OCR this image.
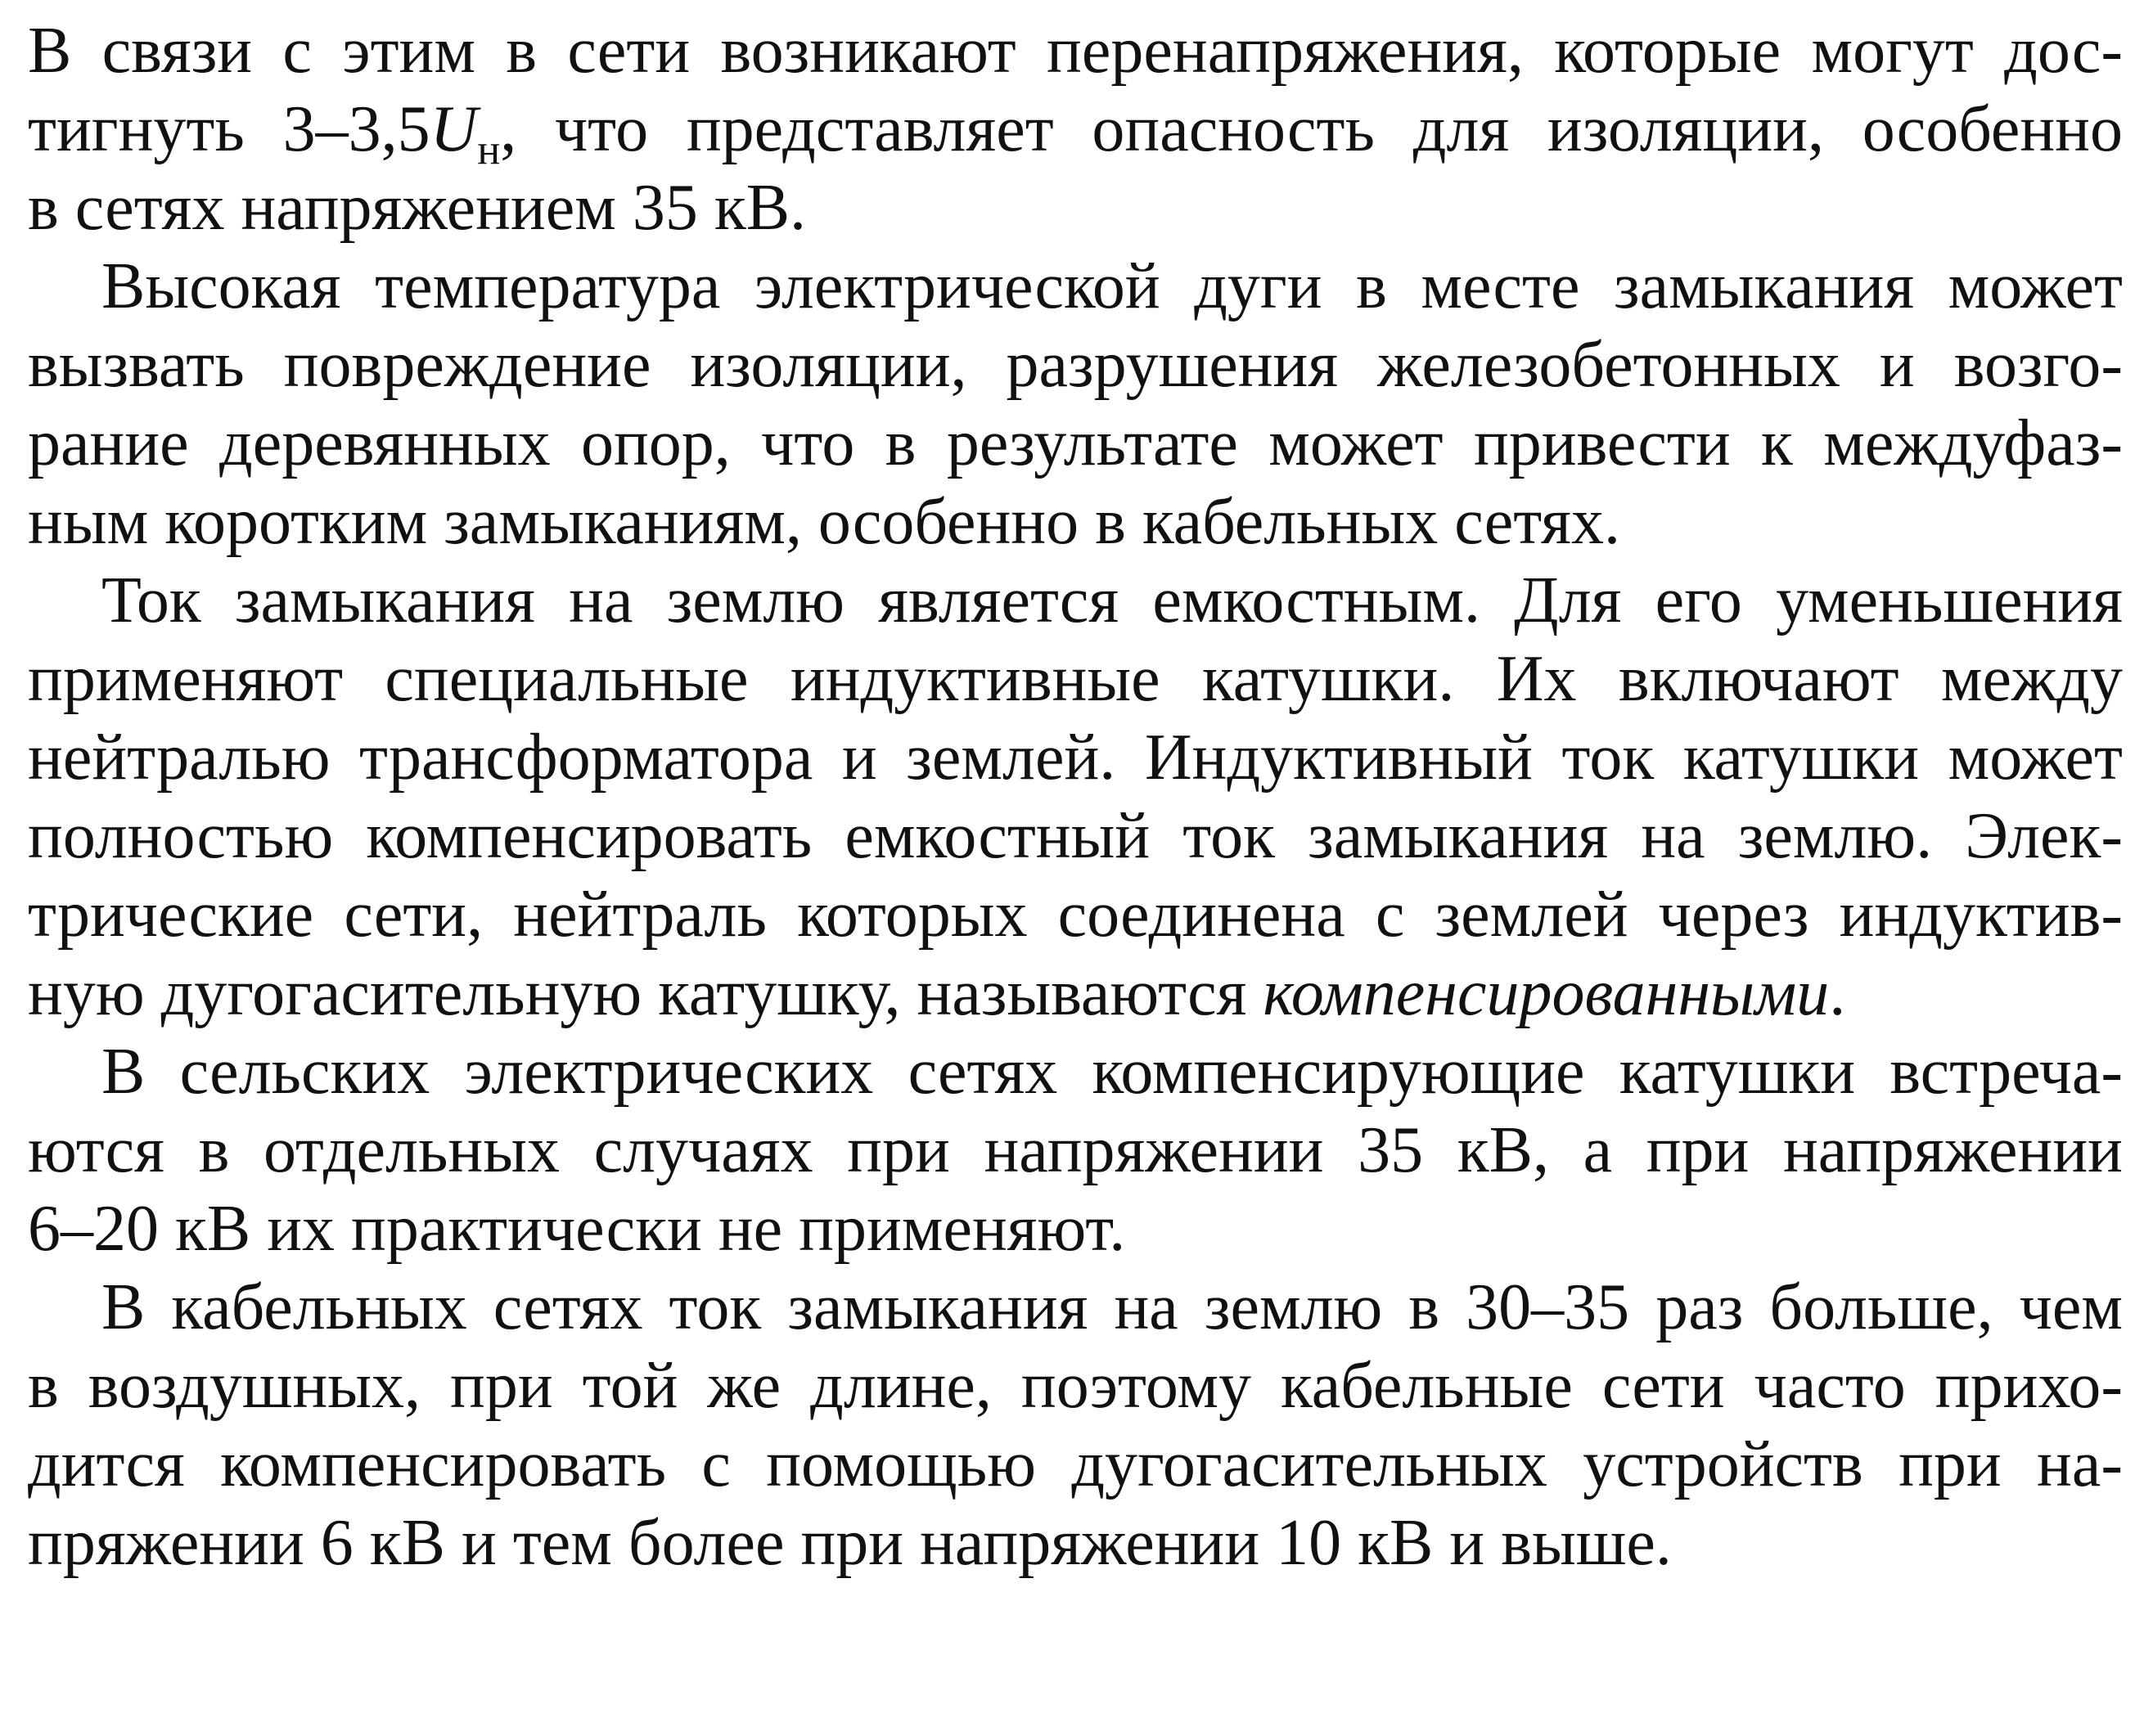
В связи с этим в сети возникают перенапряжения, которые могут дос-
тигнуть $3-3,5U_н$, что представляет опасность для изоляции, особенно
в сетях напряжением 35 кВ.
Высокая температура электрической дуги в месте замыкания может
вызвать повреждение изоляции, разрушения железобетонных и возго-
рание деревянных опор, что в результате может привести к междуфаз-
ным коротким замыканиям, особенно в кабельных сетях.
Ток замыкания на землю является емкостным. Для его уменьшения
применяют специальные индуктивные катушки. Их включают между
нейтралью трансформатора и землей. Индуктивный ток катушки может
полностью компенсировать емкостный ток замыкания на землю. Элек-
трические сети, нейтраль которых соединена с землей через индуктив-
ную дугогасительную катушку, называются компенсированными.
В сельских электрических сетях компенсирующие катушки встреча-
ются в отдельных случаях при напряжении 35 кВ, а при напряжении
6–20 кВ их практически не применяют.
В кабельных сетях ток замыкания на землю в 30–35 раз больше, чем
в воздушных, при той же длине, поэтому кабельные сети часто прихо-
дится компенсировать с помощью дугогасительных устройств при на-
пряжении 6 кВ и тем более при напряжении 10 кВ и выше.
